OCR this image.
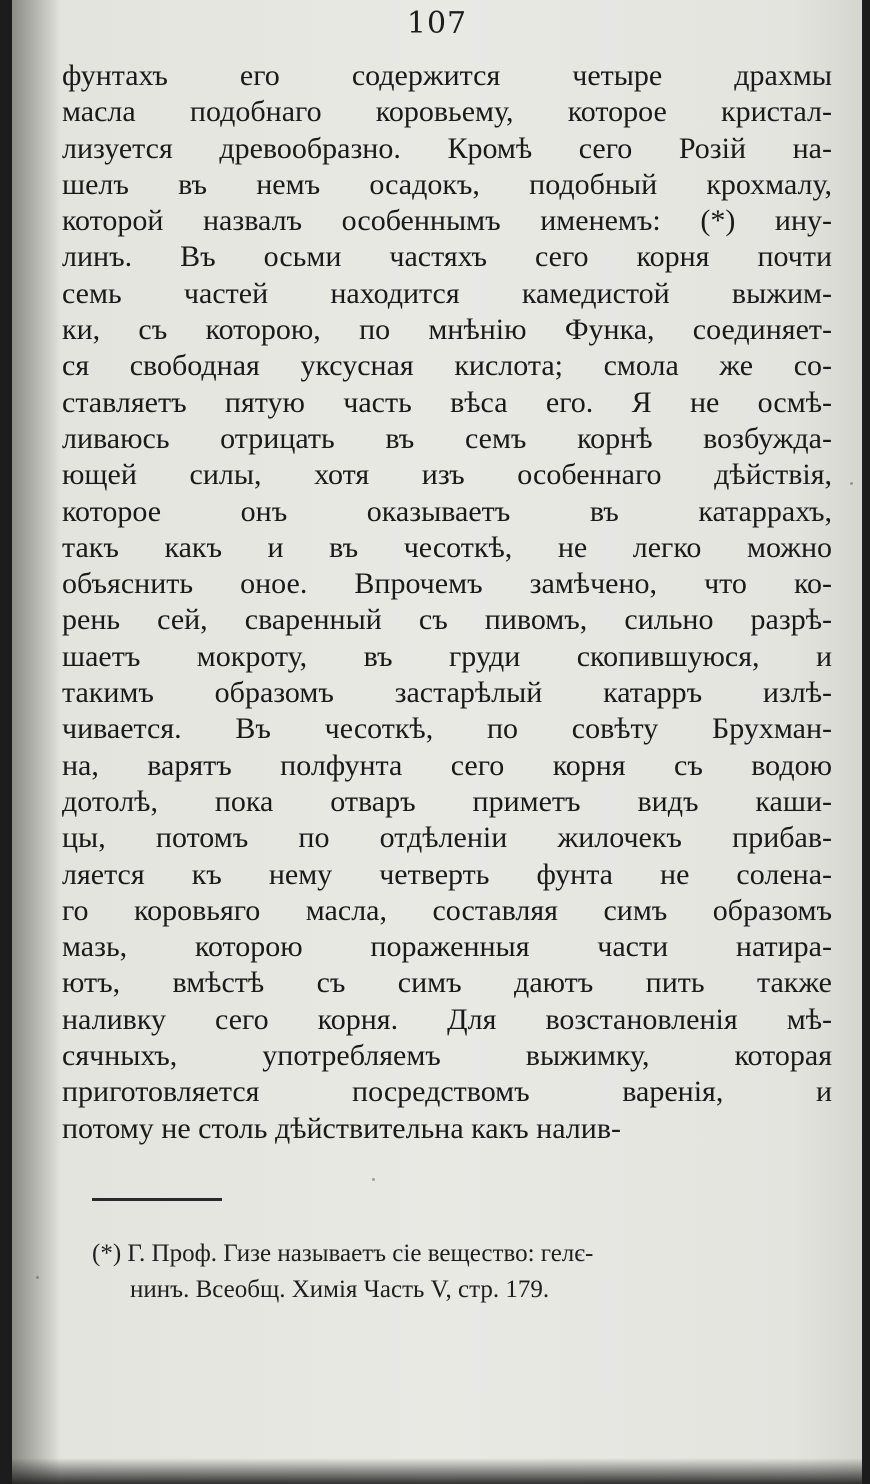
107
фунтахъ его содержится четыре драхмы
масла подобнаго коровьему, которое кристал-
лизуется древообразно. Кромѣ сего Розій на-
шелъ въ немъ осадокъ, подобный крохмалу,
которой назвалъ особеннымъ именемъ: (*) ину-
линъ. Въ осьми частяхъ сего корня почти
семь частей находится камедистой выжим-
ки, съ которою, по мнѣнію Функа, соединяет-
ся свободная уксусная кислота; смола же со-
ставляетъ пятую часть вѣса его. Я не осмѣ-
ливаюсь отрицать въ семъ корнѣ возбужда-
ющей силы, хотя изъ особеннаго дѣйствія,
которое онъ оказываетъ въ катаррахъ,
такъ какъ и въ чесоткѣ, не легко можно
объяснить оное. Впрочемъ замѣчено, что ко-
рень сей, сваренный съ пивомъ, сильно разрѣ-
шаетъ мокроту, въ груди скопившуюся, и
такимъ образомъ застарѣлый катарръ излѣ-
чивается. Въ чесоткѣ, по совѣту Брухман-
на, варятъ полфунта сего корня съ водою
дотолѣ, пока отваръ приметъ видъ каши-
цы, потомъ по отдѣленіи жилочекъ прибав-
ляется къ нему четверть фунта не солена-
го коровьяго масла, составляя симъ образомъ
мазь, которою пораженныя части натира-
ютъ, вмѣстѣ съ симъ даютъ пить также
наливку сего корня. Для возстановленія мѣ-
сячныхъ, употребляемъ выжимку, которая
приготовляется посредствомъ варенія, и
потому не столь дѣйствительна какъ налив-
(*) Г. Проф. Гизе называетъ сіе вещество: гелє-
нинъ. Всеобщ. Химія Часть V, стр. 179.
